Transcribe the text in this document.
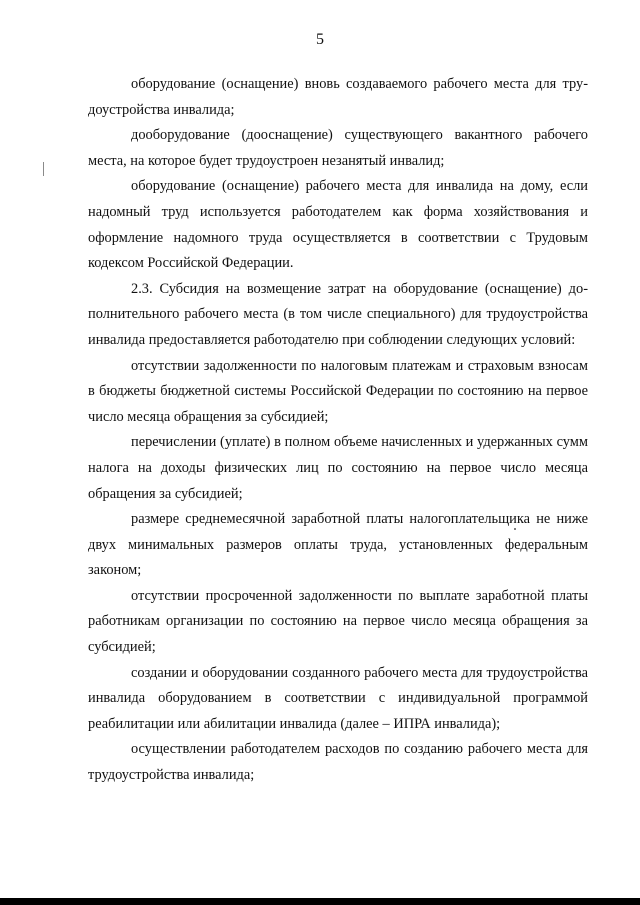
5

оборудование (оснащение) вновь создаваемого рабочего места для трудоустройства инвалида;

дооборудование (дооснащение) существующего вакантного рабочего места, на которое будет трудоустроен незанятый инвалид;

оборудование (оснащение) рабочего места для инвалида на дому, если надомный труд используется работодателем как форма хозяйствования и оформление надомного труда осуществляется в соответствии с Трудовым кодексом Российской Федерации.

2.3. Субсидия на возмещение затрат на оборудование (оснащение) дополнительного рабочего места (в том числе специального) для трудоустройства инвалида предоставляется работодателю при соблюдении следующих условий:

отсутствии задолженности по налоговым платежам и страховым взносам в бюджеты бюджетной системы Российской Федерации по состоянию на первое число месяца обращения за субсидией;

перечислении (уплате) в полном объеме начисленных и удержанных сумм налога на доходы физических лиц по состоянию на первое число месяца обращения за субсидией;

размере среднемесячной заработной платы налогоплательщика не ниже двух минимальных размеров оплаты труда, установленных федеральным законом;

отсутствии просроченной задолженности по выплате заработной платы работникам организации по состоянию на первое число месяца обращения за субсидией;

создании и оборудовании созданного рабочего места для трудоустройства инвалида оборудованием в соответствии с индивидуальной программой реабилитации или абилитации инвалида (далее – ИПРА инвалида);

осуществлении работодателем расходов по созданию рабочего места для трудоустройства инвалида;
